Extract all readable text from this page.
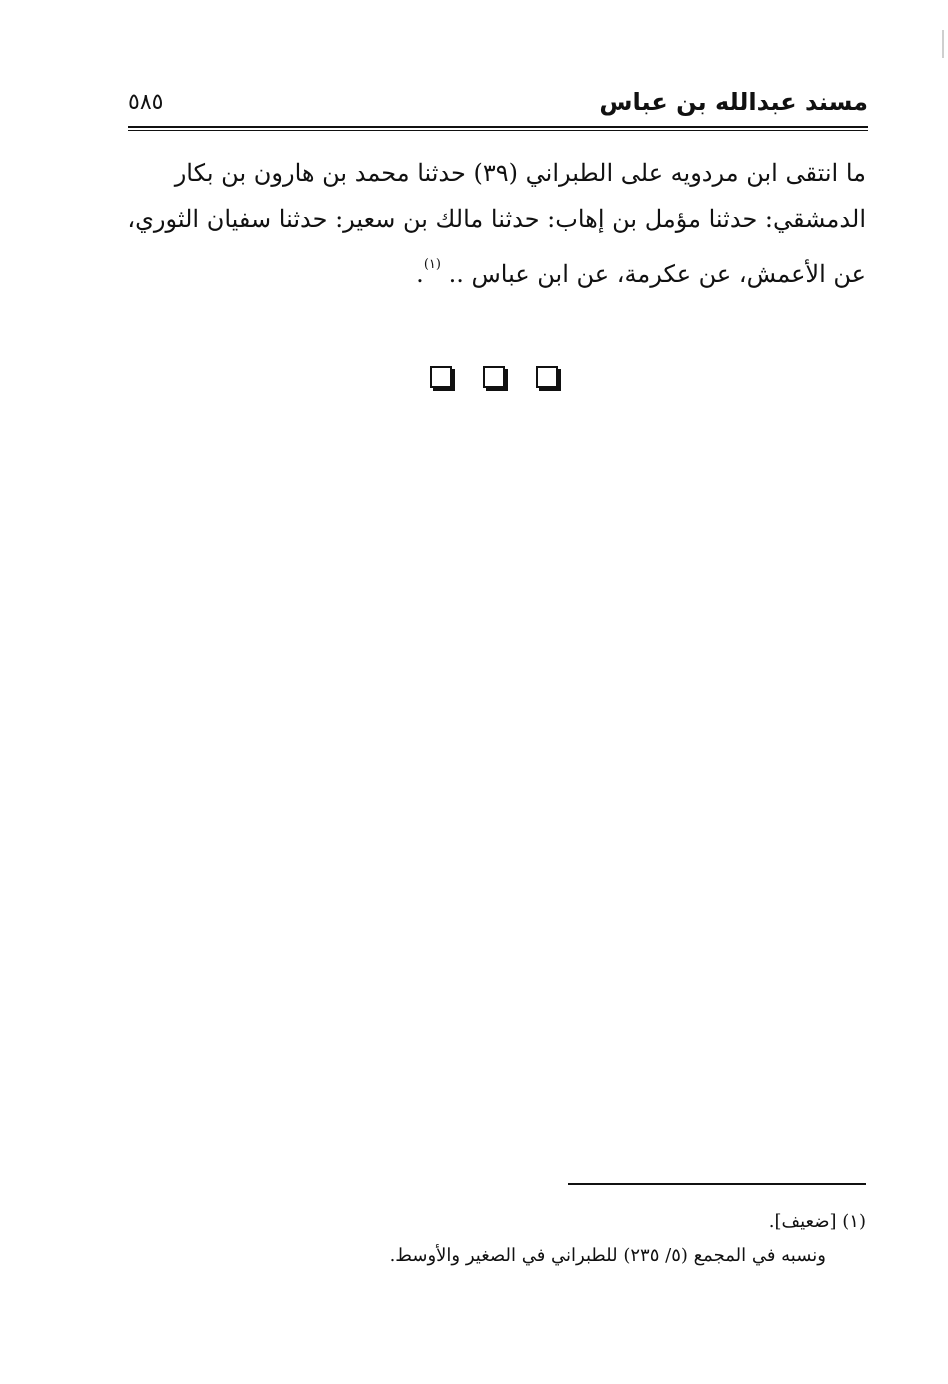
مسند عبدالله بن عباس
٥٨٥
ما انتقى ابن مردويه على الطبراني (٣٩) حدثنا محمد بن هارون بن بكار
الدمشقي: حدثنا مؤمل بن إهاب: حدثنا مالك بن سعير: حدثنا سفيان الثوري،
عن الأعمش، عن عكرمة، عن ابن عباس .. $^{(١)}$.
(١) [ضعيف].
ونسبه في المجمع (٥/ ٢٣٥) للطبراني في الصغير والأوسط.
